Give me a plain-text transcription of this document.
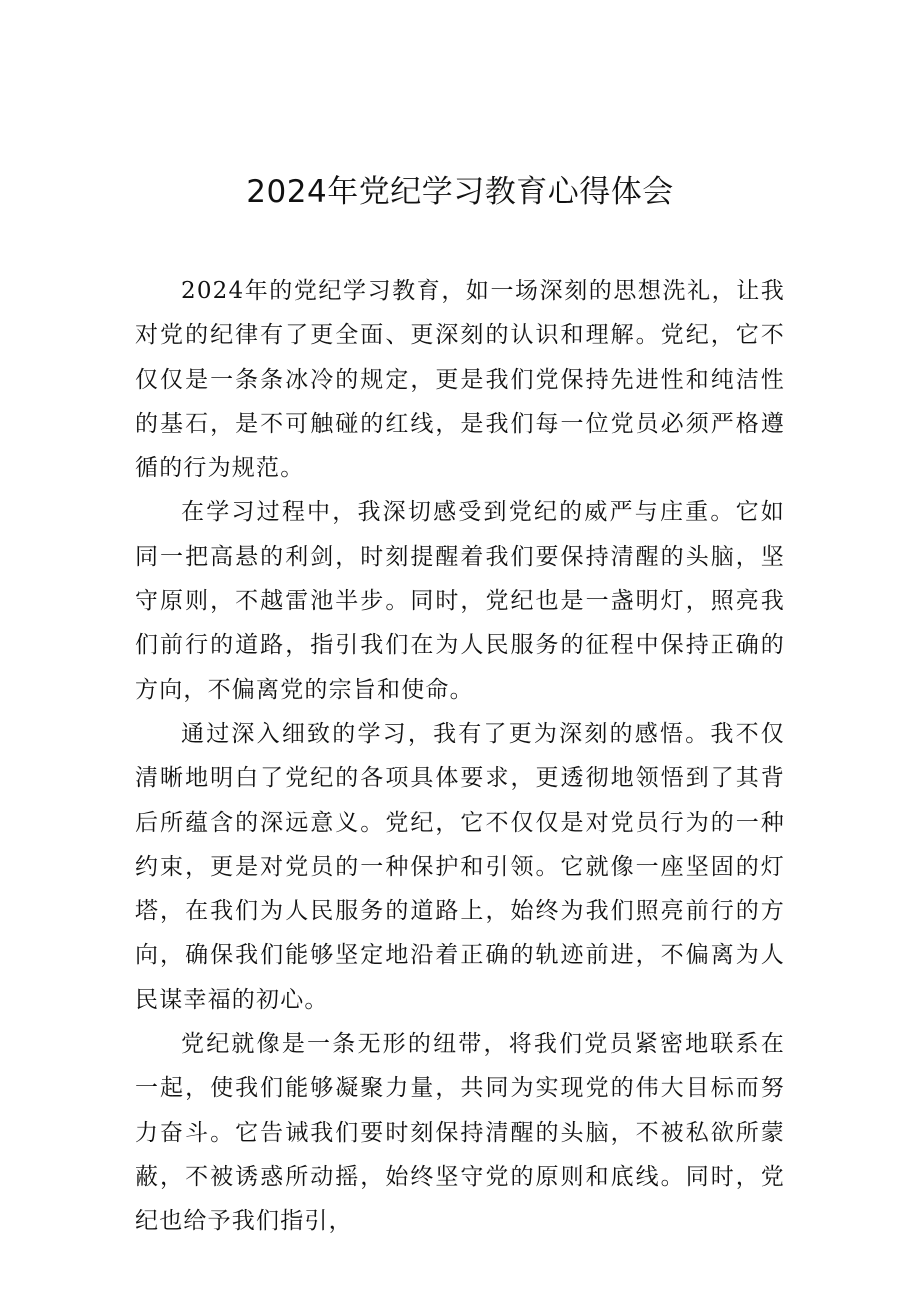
2024年党纪学习教育心得体会

2024年的党纪学习教育，如一场深刻的思想洗礼，让我对党的纪律有了更全面、更深刻的认识和理解。党纪，它不仅仅是一条条冰冷的规定，更是我们党保持先进性和纯洁性的基石，是不可触碰的红线，是我们每一位党员必须严格遵循的行为规范。

在学习过程中，我深切感受到党纪的威严与庄重。它如同一把高悬的利剑，时刻提醒着我们要保持清醒的头脑，坚守原则，不越雷池半步。同时，党纪也是一盏明灯，照亮我们前行的道路，指引我们在为人民服务的征程中保持正确的方向，不偏离党的宗旨和使命。

通过深入细致的学习，我有了更为深刻的感悟。我不仅清晰地明白了党纪的各项具体要求，更透彻地领悟到了其背后所蕴含的深远意义。党纪，它不仅仅是对党员行为的一种约束，更是对党员的一种保护和引领。它就像一座坚固的灯塔，在我们为人民服务的道路上，始终为我们照亮前行的方向，确保我们能够坚定地沿着正确的轨迹前进，不偏离为人民谋幸福的初心。

党纪就像是一条无形的纽带，将我们党员紧密地联系在一起，使我们能够凝聚力量，共同为实现党的伟大目标而努力奋斗。它告诫我们要时刻保持清醒的头脑，不被私欲所蒙蔽，不被诱惑所动摇，始终坚守党的原则和底线。同时，党纪也给予我们指引，
